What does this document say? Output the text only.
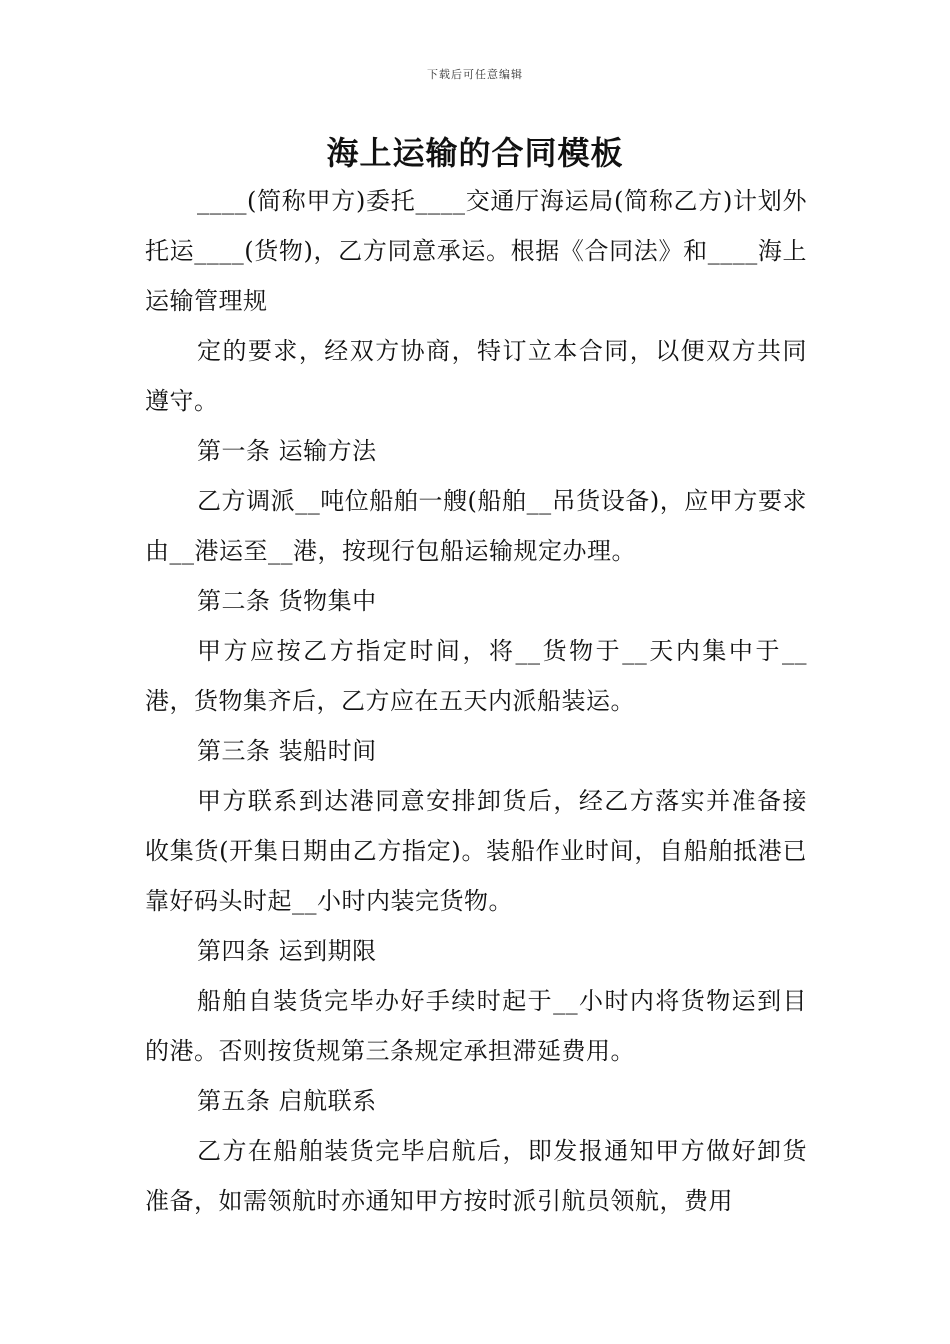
下载后可任意编辑
海上运输的合同模板

____(简称甲方)委托____交通厅海运局(简称乙方)计划外托运____(货物)，乙方同意承运。根据《合同法》和____海上运输管理规

定的要求，经双方协商，特订立本合同，以便双方共同遵守。

第一条 运输方法

乙方调派__吨位船舶一艘(船舶__吊货设备)，应甲方要求由__港运至__港，按现行包船运输规定办理。

第二条 货物集中

甲方应按乙方指定时间，将__货物于__天内集中于__港，货物集齐后，乙方应在五天内派船装运。

第三条 装船时间

甲方联系到达港同意安排卸货后，经乙方落实并准备接收集货(开集日期由乙方指定)。装船作业时间，自船舶抵港已靠好码头时起__小时内装完货物。

第四条 运到期限

船舶自装货完毕办好手续时起于__小时内将货物运到目的港。否则按货规第三条规定承担滞延费用。

第五条 启航联系

乙方在船舶装货完毕启航后，即发报通知甲方做好卸货准备，如需领航时亦通知甲方按时派引航员领航，费用
